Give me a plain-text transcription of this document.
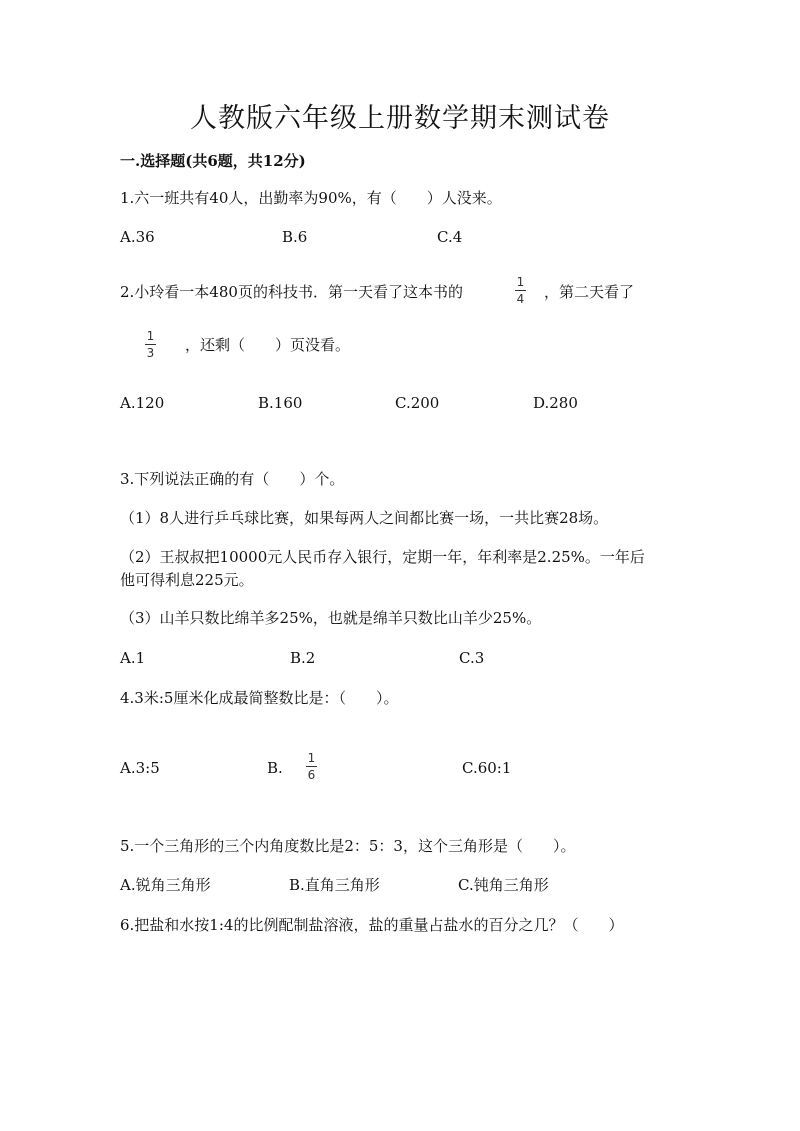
人教版六年级上册数学期末测试卷
一.选择题(共6题，共12分)
1.六一班共有40人，出勤率为90%，有（　　）人没来。
A.36	B.6	C.4
2.小玲看一本480页的科技书．第一天看了这本书的
1
4 ，第二天看了
1
3 ，还剩（　　）页没看。
A.120	B.160	C.200	D.280
3.下列说法正确的有（　　）个。
（1）8人进行乒乓球比赛，如果每两人之间都比赛一场，一共比赛28场。
（2）王叔叔把10000元人民币存入银行，定期一年，年利率是2.25%。一年后
他可得利息225元。
（3）山羊只数比绵羊多25%，也就是绵羊只数比山羊少25%。
A.1	B.2	C.3
4.3米:5厘米化成最简整数比是：（　　）。
A.3:5	B.
1
6	C.60:1
5.一个三角形的三个内角度数比是2：5：3，这个三角形是（　　）。
A.锐角三角形	B.直角三角形	C.钝角三角形
6.把盐和水按1:4的比例配制盐溶液，盐的重量占盐水的百分之几？（　　）
